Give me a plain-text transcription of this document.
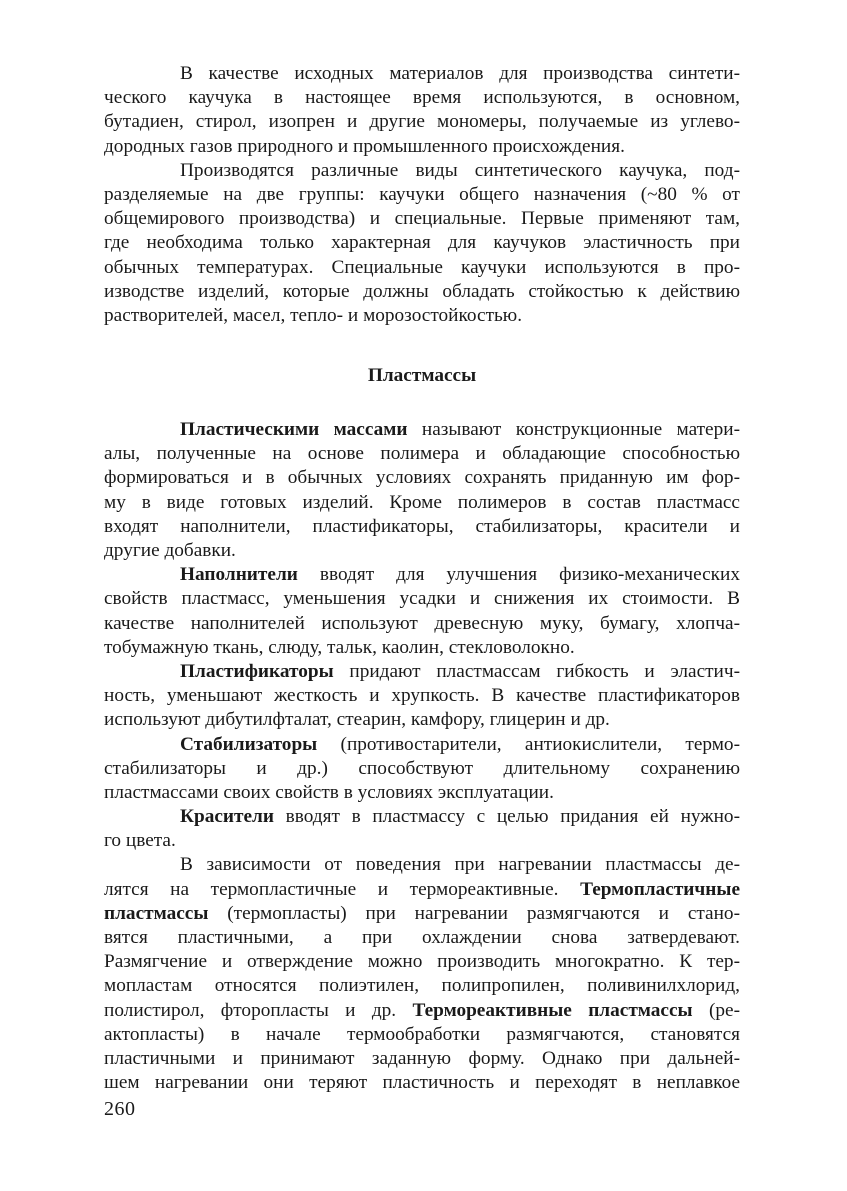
В качестве исходных материалов для производства синтети-
ческого каучука в настоящее время используются, в основном,
бутадиен, стирол, изопрен и другие мономеры, получаемые из углево-
дородных газов природного и промышленного происхождения.
Производятся различные виды синтетического каучука, под-
разделяемые на две группы: каучуки общего назначения (~80 % от
общемирового производства) и специальные. Первые применяют там,
где необходима только характерная для каучуков эластичность при
обычных температурах. Специальные каучуки используются в про-
изводстве изделий, которые должны обладать стойкостью к действию
растворителей, масел, тепло- и морозостойкостью.
Пластмассы
Пластическими массами называют конструкционные матери-
алы, полученные на основе полимера и обладающие способностью
формироваться и в обычных условиях сохранять приданную им фор-
му в виде готовых изделий. Кроме полимеров в состав пластмасс
входят наполнители, пластификаторы, стабилизаторы, красители и
другие добавки.
Наполнители вводят для улучшения физико-механических
свойств пластмасс, уменьшения усадки и снижения их стоимости. В
качестве наполнителей используют древесную муку, бумагу, хлопча-
тобумажную ткань, слюду, тальк, каолин, стекловолокно.
Пластификаторы придают пластмассам гибкость и эластич-
ность, уменьшают жесткость и хрупкость. В качестве пластификаторов
используют дибутилфталат, стеарин, камфору, глицерин и др.
Стабилизаторы (противостарители, антиокислители, термо-
стабилизаторы и др.) способствуют длительному сохранению
пластмассами своих свойств в условиях эксплуатации.
Красители вводят в пластмассу с целью придания ей нужно-
го цвета.
В зависимости от поведения при нагревании пластмассы де-
лятся на термопластичные и термореактивные. Термопластичные
пластмассы (термопласты) при нагревании размягчаются и стано-
вятся пластичными, а при охлаждении снова затвердевают.
Размягчение и отверждение можно производить многократно. К тер-
мопластам относятся полиэтилен, полипропилен, поливинилхлорид,
полистирол, фторопласты и др. Термореактивные пластмассы (ре-
актопласты) в начале термообработки размягчаются, становятся
пластичными и принимают заданную форму. Однако при дальней-
шем нагревании они теряют пластичность и переходят в неплавкое
260
